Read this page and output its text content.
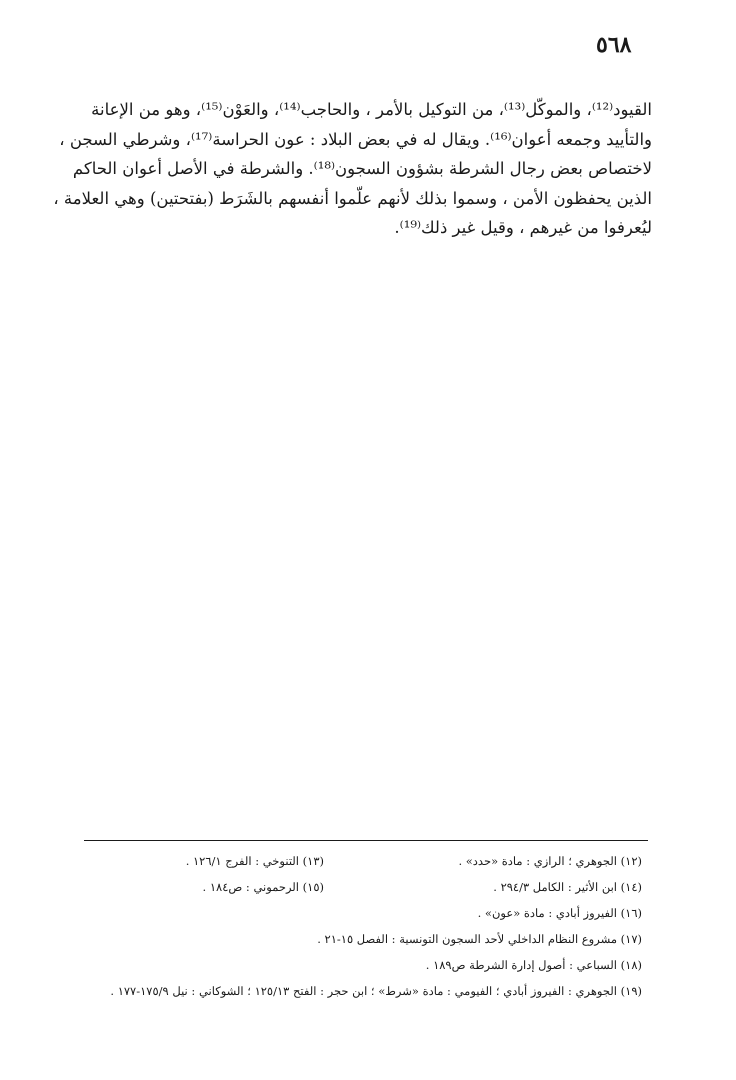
٥٦٨
القيود⁽¹²⁾، والموكّل⁽¹³⁾، من التوكيل بالأمر ، والحاجب⁽¹⁴⁾، والعَوْن⁽¹⁵⁾، وهو من الإعانة
والتأييد وجمعه أعوان⁽¹⁶⁾. ويقال له في بعض البلاد : عون الحراسة⁽¹⁷⁾، وشرطي السجن ،
لاختصاص بعض رجال الشرطة بشؤون السجون⁽¹⁸⁾. والشرطة في الأصل أعوان الحاكم
الذين يحفظون الأمن ، وسموا بذلك لأنهم علّموا أنفسهم بالشَرَط (بفتحتين) وهي العلامة ،
ليُعرفوا من غيرهم ، وقيل غير ذلك⁽¹⁹⁾.
(١٢) الجوهري ؛ الرازي : مادة «حدد» .
(١٣) التنوخي : الفرج ١٢٦/١ .
(١٤) ابن الأثير : الكامل ٢٩٤/٣ .
(١٥) الرحموني : ص١٨٤ .
(١٦) الفيروز أبادي : مادة «عون» .
(١٧) مشروع النظام الداخلي لأحد السجون التونسية : الفصل ١٥-٢١ .
(١٨) السباعي : أصول إدارة الشرطة ص١٨٩ .
(١٩) الجوهري : الفيروز أبادي ؛ الفيومي : مادة «شرط» ؛ ابن حجر : الفتح ١٢٥/١٣ ؛ الشوكاني : نيل ١٧٥/٩-١٧٧ .
